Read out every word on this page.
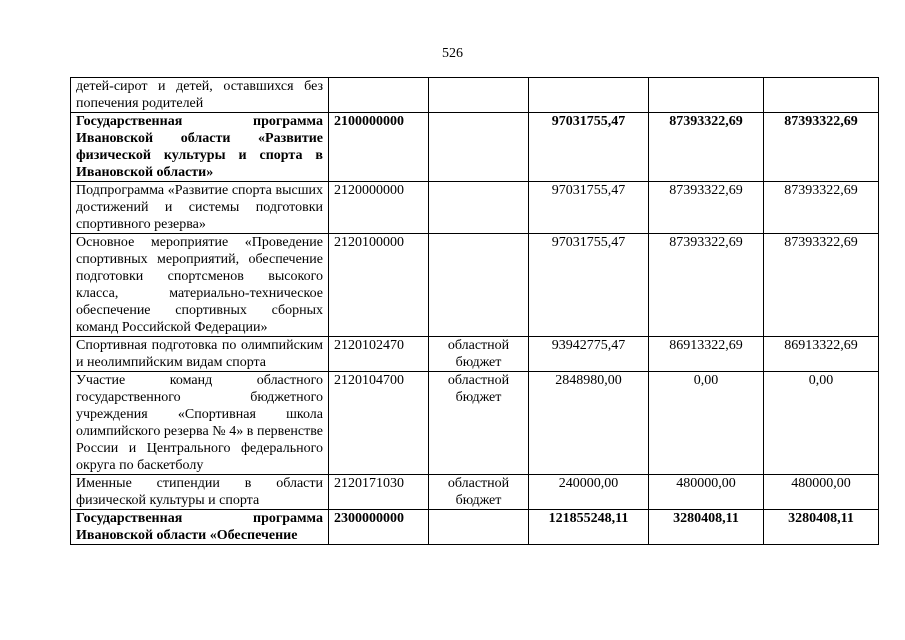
526
детей-сирот и детей, оставшихся без попечения родителей					
Государственная программа Ивановской области «Развитие физической культуры и спорта в Ивановской области»	2100000000		97031755,47	87393322,69	87393322,69
Подпрограмма «Развитие спорта высших достижений и системы подготовки спортивного резерва»	2120000000		97031755,47	87393322,69	87393322,69
Основное мероприятие «Проведение спортивных мероприятий, обеспечение подготовки спортсменов высокого класса, материально-техническое обеспечение спортивных сборных команд Российской Федерации»	2120100000		97031755,47	87393322,69	87393322,69
Спортивная подготовка по олимпийским и неолимпийским видам спорта	2120102470	областной бюджет	93942775,47	86913322,69	86913322,69
Участие команд областного государственного бюджетного учреждения «Спортивная школа олимпийского резерва № 4» в первенстве России и Центрального федерального округа по баскетболу	2120104700	областной бюджет	2848980,00	0,00	0,00
Именные стипендии в области физической культуры и спорта	2120171030	областной бюджет	240000,00	480000,00	480000,00
Государственная программа Ивановской области «Обеспечение	2300000000		121855248,11	3280408,11	3280408,11
